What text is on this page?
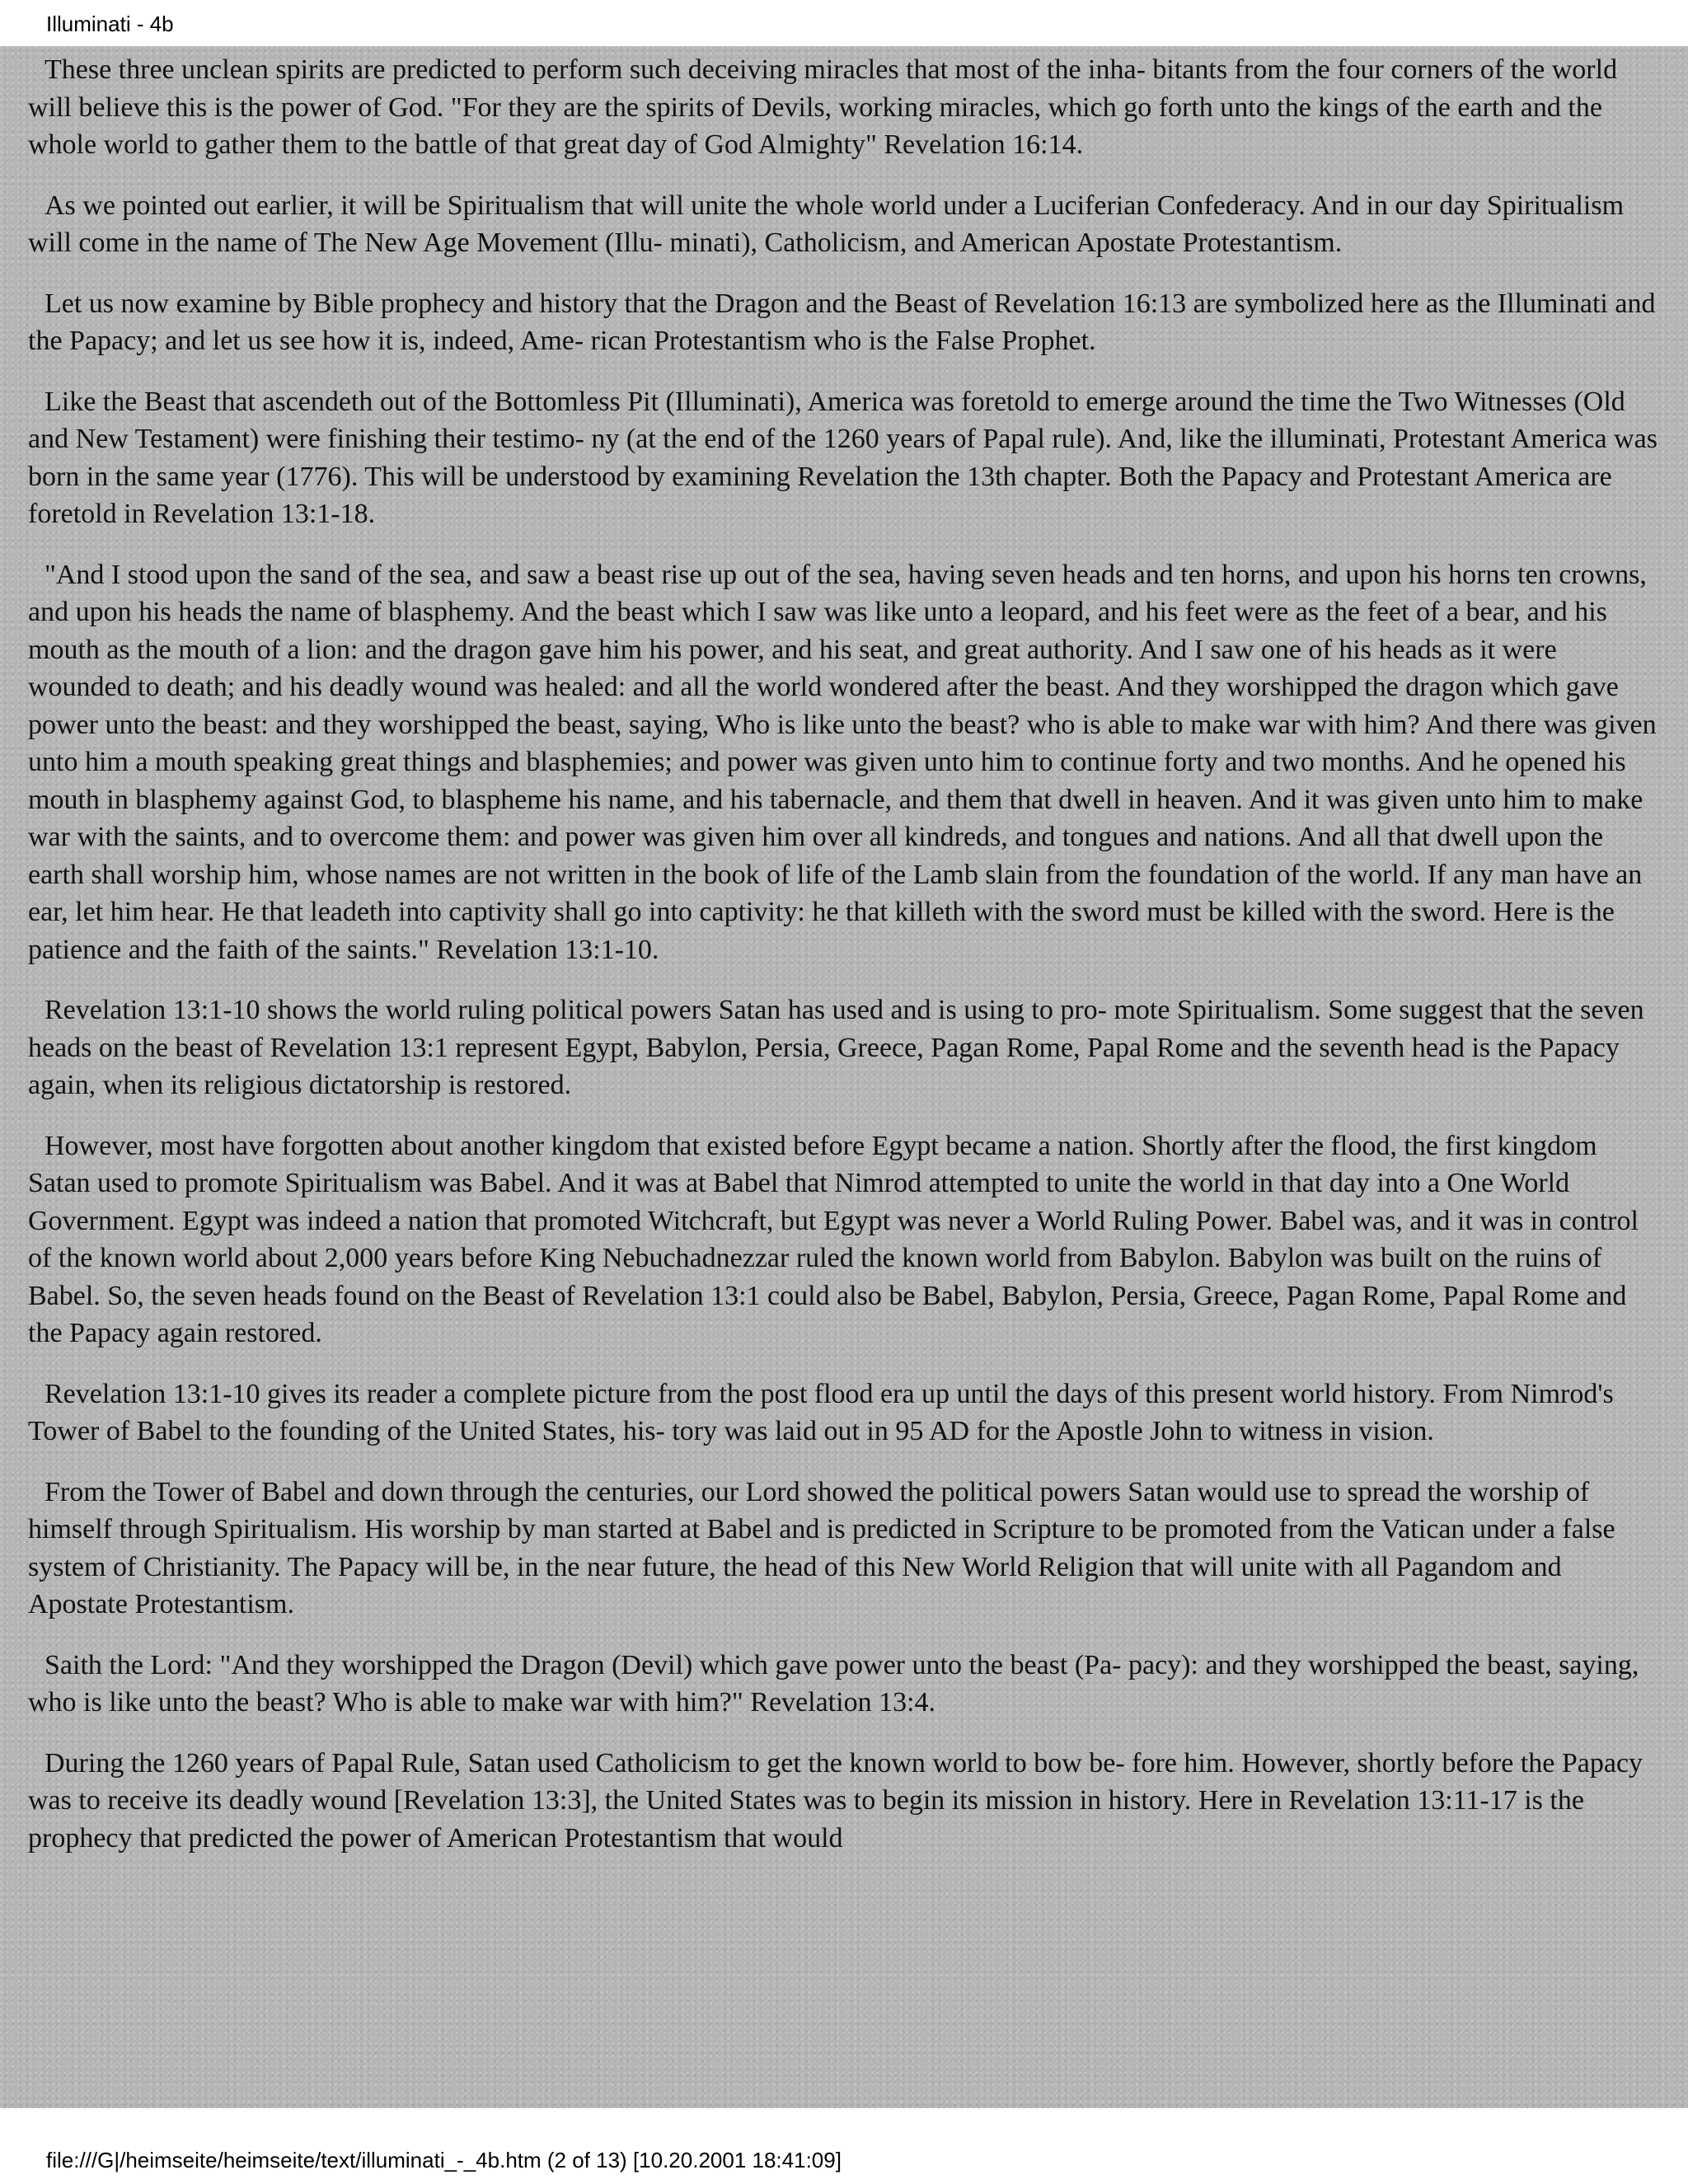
Illuminati - 4b

These three unclean spirits are predicted to perform such deceiving miracles that most of the inha- bitants from the four corners of the world will believe this is the power of God. "For they are the spirits of Devils, working miracles, which go forth unto the kings of the earth and the whole world to gather them to the battle of that great day of God Almighty" Revelation 16:14.

As we pointed out earlier, it will be Spiritualism that will unite the whole world under a Luciferian Confederacy. And in our day Spiritualism will come in the name of The New Age Movement (Illu- minati), Catholicism, and American Apostate Protestantism.

Let us now examine by Bible prophecy and history that the Dragon and the Beast of Revelation 16:13 are symbolized here as the Illuminati and the Papacy; and let us see how it is, indeed, Ame- rican Protestantism who is the False Prophet.

Like the Beast that ascendeth out of the Bottomless Pit (Illuminati), America was foretold to emerge around the time the Two Witnesses (Old and New Testament) were finishing their testimo- ny (at the end of the 1260 years of Papal rule). And, like the illuminati, Protestant America was born in the same year (1776). This will be understood by examining Revelation the 13th chapter. Both the Papacy and Protestant America are foretold in Revelation 13:1-18.

"And I stood upon the sand of the sea, and saw a beast rise up out of the sea, having seven heads and ten horns, and upon his horns ten crowns, and upon his heads the name of blasphemy. And the beast which I saw was like unto a leopard, and his feet were as the feet of a bear, and his mouth as the mouth of a lion: and the dragon gave him his power, and his seat, and great authority. And I saw one of his heads as it were wounded to death; and his deadly wound was healed: and all the world wondered after the beast. And they worshipped the dragon which gave power unto the beast: and they worshipped the beast, saying, Who is like unto the beast? who is able to make war with him? And there was given unto him a mouth speaking great things and blasphemies; and power was given unto him to continue forty and two months. And he opened his mouth in blasphemy against God, to blaspheme his name, and his tabernacle, and them that dwell in heaven. And it was given unto him to make war with the saints, and to overcome them: and power was given him over all kindreds, and tongues and nations. And all that dwell upon the earth shall worship him, whose names are not written in the book of life of the Lamb slain from the foundation of the world. If any man have an ear, let him hear. He that leadeth into captivity shall go into captivity: he that killeth with the sword must be killed with the sword. Here is the patience and the faith of the saints." Revelation 13:1-10.

Revelation 13:1-10 shows the world ruling political powers Satan has used and is using to pro- mote Spiritualism. Some suggest that the seven heads on the beast of Revelation 13:1 represent Egypt, Babylon, Persia, Greece, Pagan Rome, Papal Rome and the seventh head is the Papacy again, when its religious dictatorship is restored.

However, most have forgotten about another kingdom that existed before Egypt became a nation. Shortly after the flood, the first kingdom Satan used to promote Spiritualism was Babel. And it was at Babel that Nimrod attempted to unite the world in that day into a One World Government. Egypt was indeed a nation that promoted Witchcraft, but Egypt was never a World Ruling Power. Babel was, and it was in control of the known world about 2,000 years before King Nebuchadnezzar ruled the known world from Babylon. Babylon was built on the ruins of Babel. So, the seven heads found on the Beast of Revelation 13:1 could also be Babel, Babylon, Persia, Greece, Pagan Rome, Papal Rome and the Papacy again restored.

Revelation 13:1-10 gives its reader a complete picture from the post flood era up until the days of this present world history. From Nimrod's Tower of Babel to the founding of the United States, his- tory was laid out in 95 AD for the Apostle John to witness in vision.

From the Tower of Babel and down through the centuries, our Lord showed the political powers Satan would use to spread the worship of himself through Spiritualism. His worship by man started at Babel and is predicted in Scripture to be promoted from the Vatican under a false system of Christianity. The Papacy will be, in the near future, the head of this New World Religion that will unite with all Pagandom and Apostate Protestantism.

Saith the Lord: "And they worshipped the Dragon (Devil) which gave power unto the beast (Pa- pacy): and they worshipped the beast, saying, who is like unto the beast? Who is able to make war with him?" Revelation 13:4.

During the 1260 years of Papal Rule, Satan used Catholicism to get the known world to bow be- fore him. However, shortly before the Papacy was to receive its deadly wound [Revelation 13:3], the United States was to begin its mission in history. Here in Revelation 13:11-17 is the prophecy that predicted the power of American Protestantism that would

file:///G|/heimseite/heimseite/text/illuminati_-_4b.htm (2 of 13) [10.20.2001 18:41:09]
